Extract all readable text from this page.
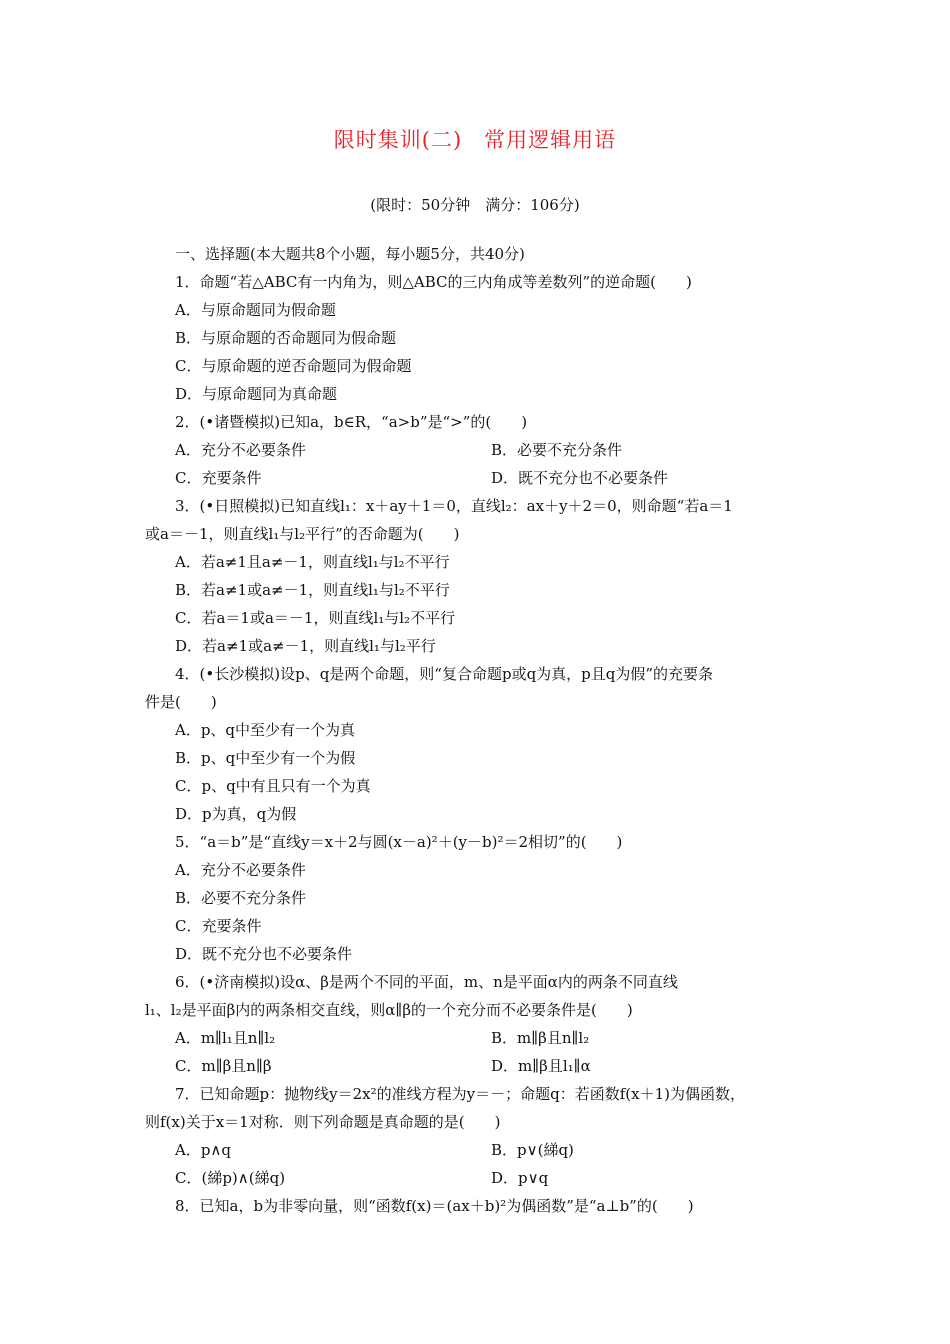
限时集训(二)　常用逻辑用语
(限时：50分钟　满分：106分)
一、选择题(本大题共8个小题，每小题5分，共40分)
1．命题“若△ABC有一内角为，则△ABC的三内角成等差数列”的逆命题(　　)
A．与原命题同为假命题
B．与原命题的否命题同为假命题
C．与原命题的逆否命题同为假命题
D．与原命题同为真命题
2．(•诸暨模拟)已知a，b∈R，“a>b”是“>”的(　　)
A．充分不必要条件	B．必要不充分条件
C．充要条件	D．既不充分也不必要条件
3．(•日照模拟)已知直线l₁：x＋ay＋1＝0，直线l₂：ax＋y＋2＝0，则命题“若a＝1
或a＝－1，则直线l₁与l₂平行”的否命题为(　　)
A．若a≠1且a≠－1，则直线l₁与l₂不平行
B．若a≠1或a≠－1，则直线l₁与l₂不平行
C．若a＝1或a＝－1，则直线l₁与l₂不平行
D．若a≠1或a≠－1，则直线l₁与l₂平行
4．(•长沙模拟)设p、q是两个命题，则“复合命题p或q为真，p且q为假”的充要条
件是(　　)
A．p、q中至少有一个为真
B．p、q中至少有一个为假
C．p、q中有且只有一个为真
D．p为真，q为假
5．“a＝b”是“直线y＝x＋2与圆(x－a)²＋(y－b)²＝2相切”的(　　)
A．充分不必要条件
B．必要不充分条件
C．充要条件
D．既不充分也不必要条件
6．(•济南模拟)设α、β是两个不同的平面，m、n是平面α内的两条不同直线
l₁、l₂是平面β内的两条相交直线，则α∥β的一个充分而不必要条件是(　　)
A．m∥l₁且n∥l₂	B．m∥β且n∥l₂
C．m∥β且n∥β	D．m∥β且l₁∥α
7．已知命题p：抛物线y＝2x²的准线方程为y＝－；命题q：若函数f(x＋1)为偶函数，
则f(x)关于x＝1对称．则下列命题是真命题的是(　　)
A．p∧q	B．p∨(綈q)
C．(綈p)∧(綈q)	D．p∨q
8．已知a，b为非零向量，则“函数f(x)＝(ax＋b)²为偶函数”是“a⊥b”的(　　)
